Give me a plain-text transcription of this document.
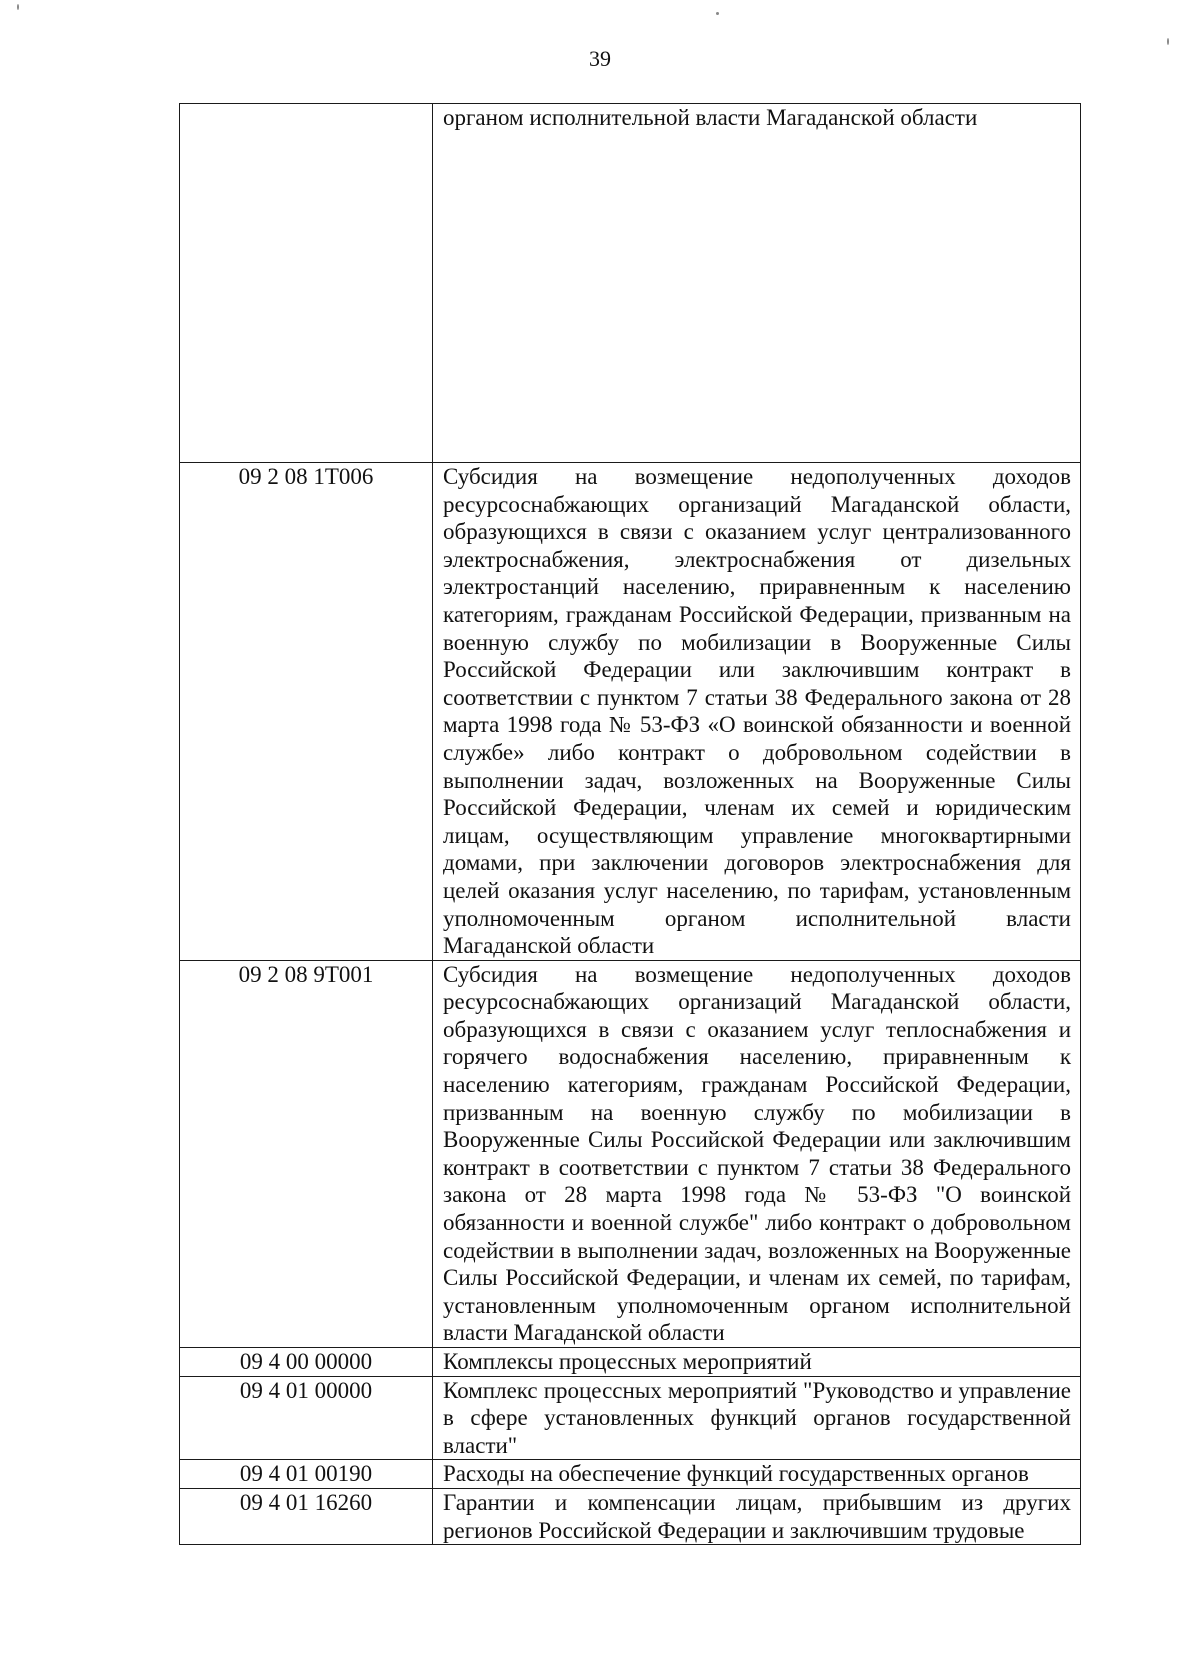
39
	органом исполнительной власти Магаданской области
09 2 08 1Т006	Субсидия на возмещение недополученных доходов ресурсоснабжающих организаций Магаданской области, образующихся в связи с оказанием услуг централизованного электроснабжения, электроснабжения от дизельных электростанций населению, приравненным к населению категориям, гражданам Российской Федерации, призванным на военную службу по мобилизации в Вооруженные Силы Российской Федерации или заключившим контракт в соответствии с пунктом 7 статьи 38 Федерального закона от 28 марта 1998 года № 53-ФЗ «О воинской обязанности и военной службе» либо контракт о добровольном содействии в выполнении задач, возложенных на Вооруженные Силы Российской Федерации, членам их семей и юридическим лицам, осуществляющим управление многоквартирными домами, при заключении договоров электроснабжения для целей оказания услуг населению, по тарифам, установленным уполномоченным органом исполнительной власти Магаданской области
09 2 08 9Т001	Субсидия на возмещение недополученных доходов ресурсоснабжающих организаций Магаданской области, образующихся в связи с оказанием услуг теплоснабжения и горячего водоснабжения населению, приравненным к населению категориям, гражданам Российской Федерации, призванным на военную службу по мобилизации в Вооруженные Силы Российской Федерации или заключившим контракт в соответствии с пунктом 7 статьи 38 Федерального закона от 28 марта 1998 года № 53-ФЗ "О воинской обязанности и военной службе" либо контракт о добровольном содействии в выполнении задач, возложенных на Вооруженные Силы Российской Федерации, и членам их семей, по тарифам, установленным уполномоченным органом исполнительной власти Магаданской области
09 4 00 00000	Комплексы процессных мероприятий
09 4 01 00000	Комплекс процессных мероприятий "Руководство и управление в сфере установленных функций органов государственной власти"
09 4 01 00190	Расходы на обеспечение функций государственных органов
09 4 01 16260	Гарантии и компенсации лицам, прибывшим из других регионов Российской Федерации и заключившим трудовые
